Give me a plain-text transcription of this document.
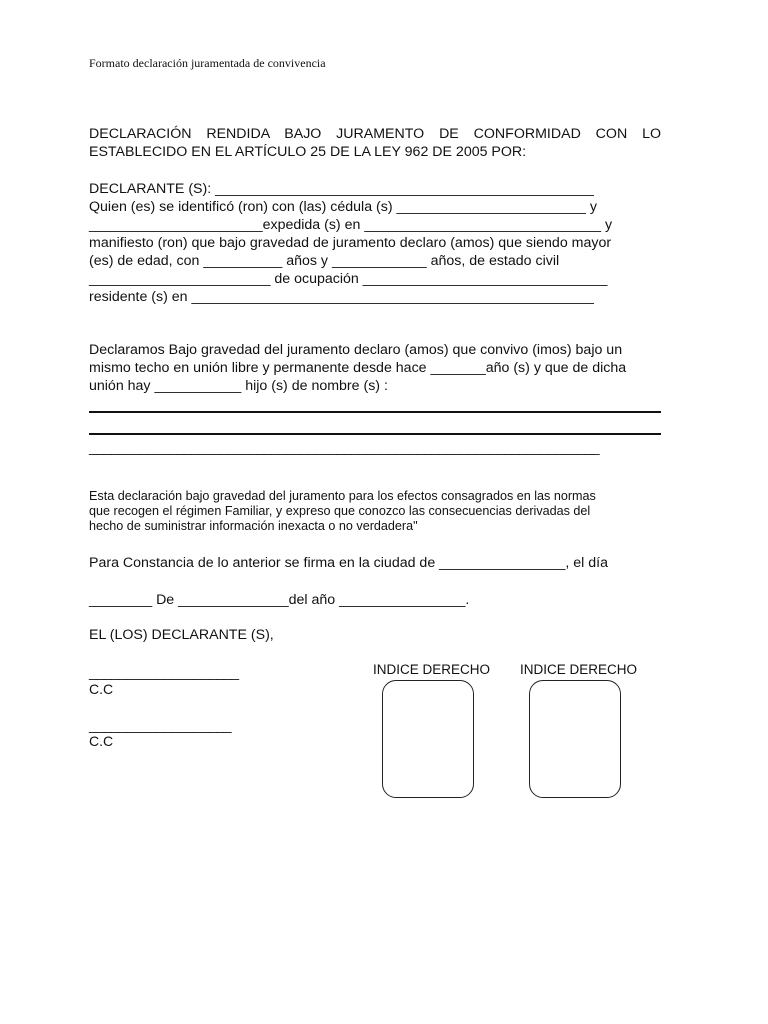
Formato declaración juramentada de convivencia
DECLARACIÓN RENDIDA BAJO JURAMENTO DE CONFORMIDAD CON LO
ESTABLECIDO EN EL ARTÍCULO 25 DE LA LEY 962 DE 2005 POR:
DECLARANTE (S): ________________________________________________
Quien (es) se identificó (ron) con (las) cédula (s) ________________________ y
______________________expedida (s) en ______________________________ y
manifiesto (ron) que bajo gravedad de juramento declaro (amos) que siendo mayor
(es) de edad, con __________ años y ____________ años, de estado civil
_______________________ de ocupación _______________________________
residente (s) en ___________________________________________________
Declaramos Bajo gravedad del juramento declaro (amos) que convivo (imos) bajo un
mismo techo en unión libre y permanente desde hace _______año (s) y que de dicha
unión hay ___________ hijo (s) de nombre (s) :
______________________________________________________________________
Esta declaración bajo gravedad del juramento para los efectos consagrados en las normas
que recogen el régimen Familiar, y expreso que conozco las consecuencias derivadas del
hecho de suministrar información inexacta o no verdadera"
Para Constancia de lo anterior se firma en la ciudad de ________________, el día
________ De ______________del año ________________.
EL (LOS) DECLARANTE (S),
____________________
C.C
___________________
C.C
INDICE DERECHO INDICE DERECHO
